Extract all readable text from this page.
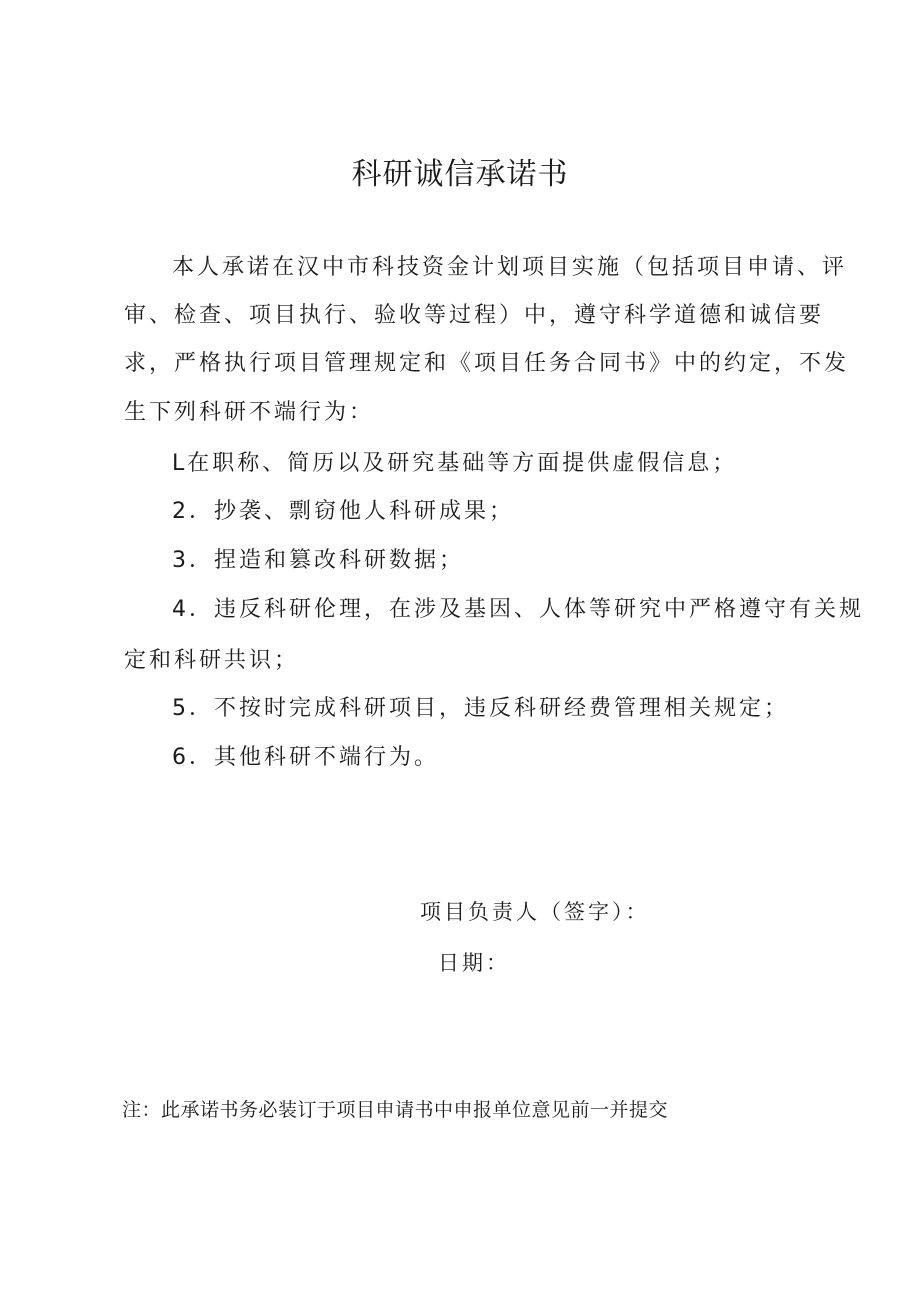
科研诚信承诺书
本人承诺在汉中市科技资金计划项目实施（包括项目申请、评
审、检查、项目执行、验收等过程）中，遵守科学道德和诚信要
求，严格执行项目管理规定和《项目任务合同书》中的约定，不发
生下列科研不端行为：
L在职称、简历以及研究基础等方面提供虚假信息；
2．抄袭、剽窃他人科研成果；
3．捏造和篡改科研数据；
4．违反科研伦理，在涉及基因、人体等研究中严格遵守有关规
定和科研共识；
5．不按时完成科研项目，违反科研经费管理相关规定；
6．其他科研不端行为。
项目负责人（签字）：
日期：
注：此承诺书务必装订于项目申请书中申报单位意见前一并提交
